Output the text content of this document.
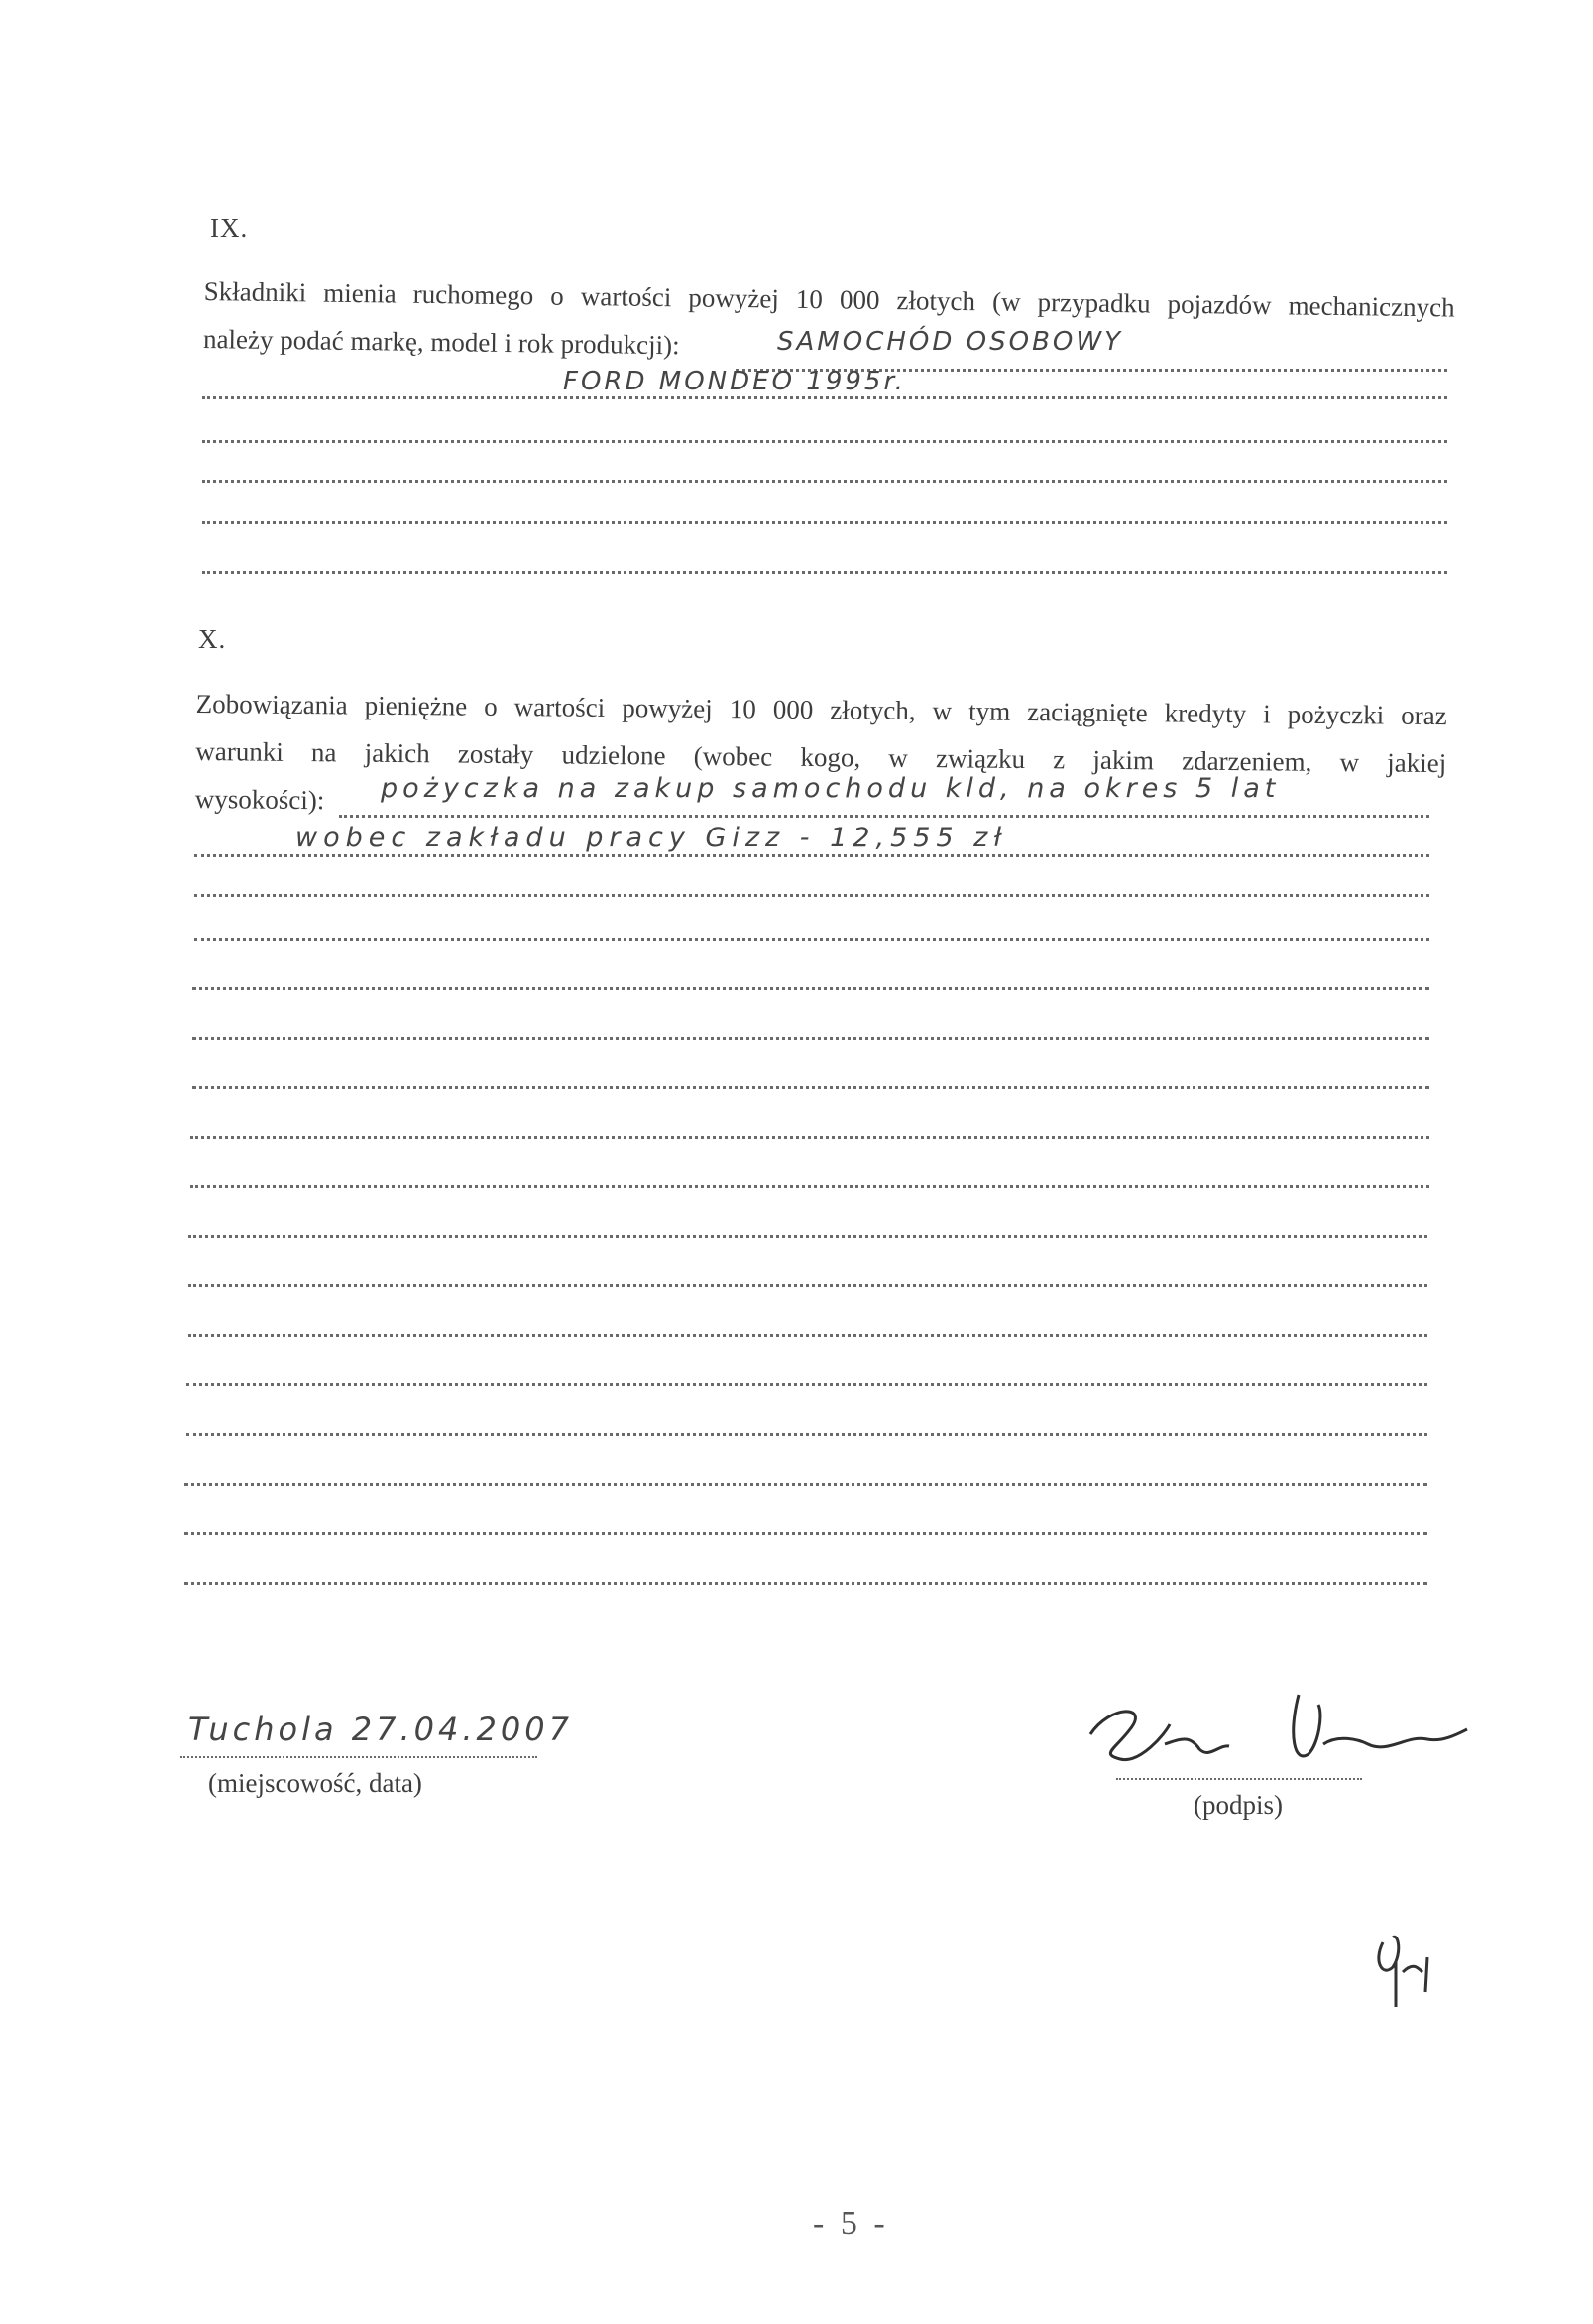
IX.
Składniki mienia ruchomego o wartości powyżej 10 000 złotych (w przypadku pojazdów mechanicznych
należy podać markę, model i rok produkcji):	SAMOCHÓD OSOBOWY
FORD MONDEO 1995r.
X.
Zobowiązania pieniężne o wartości powyżej 10 000 złotych, w tym zaciągnięte kredyty i pożyczki oraz
warunki na jakich zostały udzielone (wobec kogo, w związku z jakim zdarzeniem, w jakiej
wysokości):	pożyczka na zakup samochodu kld, na okres 5 lat
wobec zakładu pracy Gizz - 12,555 zł
Tuchola 27.04.2007
(miejscowość, data)
(podpis)
- 5 -
